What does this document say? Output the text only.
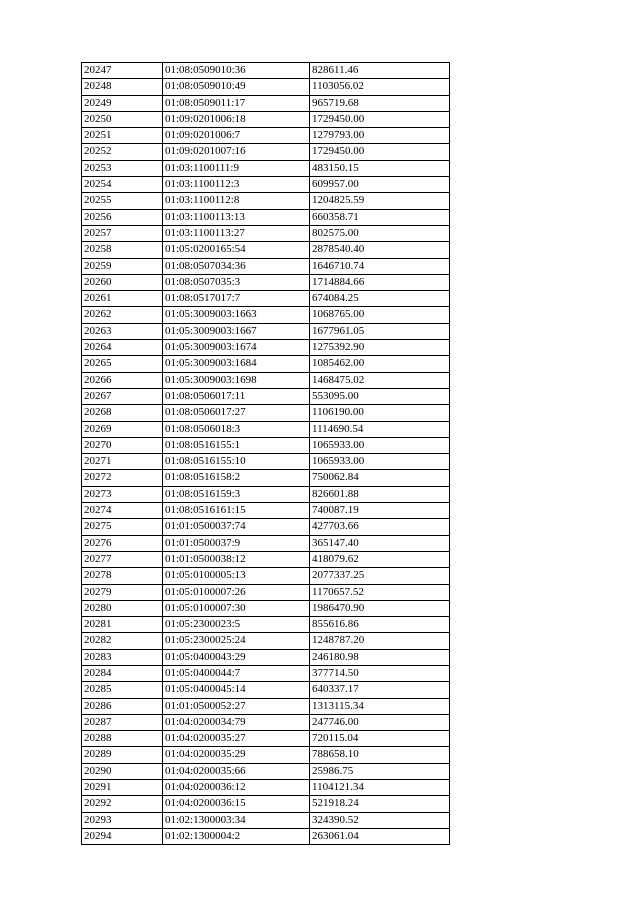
20247	01:08:0509010:36	828611.46
20248	01:08:0509010:49	1103056.02
20249	01:08:0509011:17	965719.68
20250	01:09:0201006:18	1729450.00
20251	01:09:0201006:7	1279793.00
20252	01:09:0201007:16	1729450.00
20253	01:03:1100111:9	483150.15
20254	01:03:1100112:3	609957.00
20255	01:03:1100112:8	1204825.59
20256	01:03:1100113:13	660358.71
20257	01:03:1100113:27	802575.00
20258	01:05:0200165:54	2878540.40
20259	01:08:0507034:36	1646710.74
20260	01:08:0507035:3	1714884.66
20261	01:08:0517017:7	674084.25
20262	01:05:3009003:1663	1068765.00
20263	01:05:3009003:1667	1677961.05
20264	01:05:3009003:1674	1275392.90
20265	01:05:3009003:1684	1085462.00
20266	01:05:3009003:1698	1468475.02
20267	01:08:0506017:11	553095.00
20268	01:08:0506017:27	1106190.00
20269	01:08:0506018:3	1114690.54
20270	01:08:0516155:1	1065933.00
20271	01:08:0516155:10	1065933.00
20272	01:08:0516158:2	750062.84
20273	01:08:0516159:3	826601.88
20274	01:08:0516161:15	740087.19
20275	01:01:0500037:74	427703.66
20276	01:01:0500037:9	365147.40
20277	01:01:0500038:12	418079.62
20278	01:05:0100005:13	2077337.25
20279	01:05:0100007:26	1170657.52
20280	01:05:0100007:30	1986470.90
20281	01:05:2300023:5	855616.86
20282	01:05:2300025:24	1248787.20
20283	01:05:0400043:29	246180.98
20284	01:05:0400044:7	377714.50
20285	01:05:0400045:14	640337.17
20286	01:01:0500052:27	1313115.34
20287	01:04:0200034:79	247746.00
20288	01:04:0200035:27	720115.04
20289	01:04:0200035:29	788658.10
20290	01:04:0200035:66	25986.75
20291	01:04:0200036:12	1104121.34
20292	01:04:0200036:15	521918.24
20293	01:02:1300003:34	324390.52
20294	01:02:1300004:2	263061.04
